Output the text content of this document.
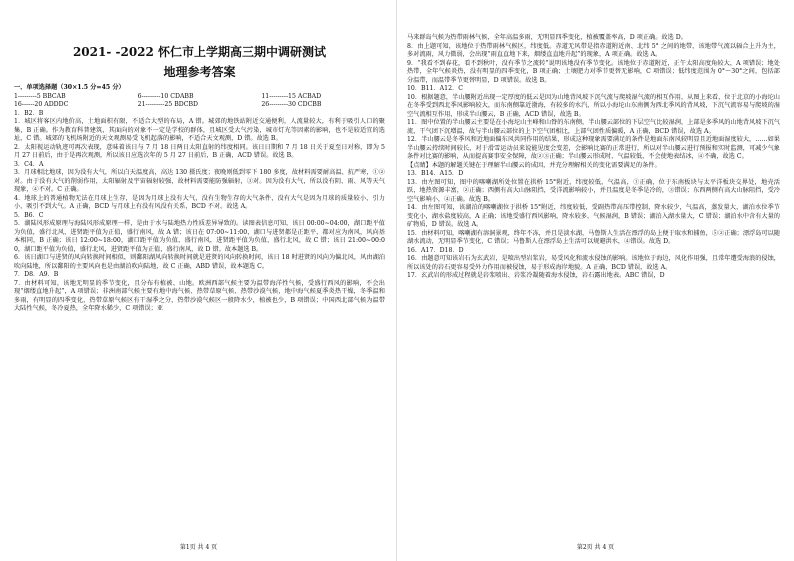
2021- -2022 怀仁市上学期高三期中调研测试
地理参考答案
一、单项选择题（30×1.5 分=45 分）
1---------5 BBCAB	6---------10 CDABB	11---------15 ACBAD
16------20 ADDDC	21---------25 BDCBD	26---------30 CDCBB

1．B2．B

1．城区将客区内地价高，土地面积有限，不适合大型的布局，A 错。城郊的地铁站附近交通便利，人流量较大，有利于吸引人口的聚集，B 正确。作为教育科普建筑，其面向的对象不一定是学校的群体，且城区受大气污染，城市灯光等因素的影响，也不是较适宜的选址，C 错。城郊的飞机场附近的天文观测易受飞机起落的影响，不适合天文观测，D 错。故选 B。

2．太阳视运动轨迹可再次表现，意味着该日与 7 月 18 日两日太阳直射的纬度相同。该日日期和 7 月 18 日关于夏至日对称，即为 5 月 27 日前后，由于是再次观测，所以该日应选次年的 5 月 27 日前后，B 正确，ACD 错误。故选 B。

3．C4．A

3．月球相比地球，因为没有大气，所以白天温度高，高达 130 摄氏度；夜晚则低到零下 180 多度，故材料需要耐高温、抗严寒，①②对。由于没有大气的削弱作用，太阳辐射及宇宙辐射较强，故材料需要能防强辐射，③对。因为没有大气，所以没有阴、雨、风等天气现象，④不对。C 正确。

4．地球上的普通植物无法在月球上生存，是因为月球上没有大气，没有生物生存的大气条件，没有大气是因为月球的质量较小，引力小，吸引不到大气。A 正确，BCD 与月球上有没有风没有关系，BCD 不对。故选 A。

5．B6．C

5．湖陆风形成原理与海陆风形成原理一样，是由于水与陆地热力性质差异导致的。读图表信息可知，该日 00:00~04:00，湖口距平值为负值，盛行北风，进贤距平值为正值，盛行南风，故 A 错；该日在 07:00~11:00，湖口与进贤都是正距平，都对应为南风，风向基本相同，B 正确；该日 12:00~18:00，湖口距平值为负值，盛行南风，进贤距平值为负值，盛行北风，故 C 错；该日 21:00~00:00，湖口距平值为负值，盛行北风，进贤距平值为正值，盛行南风，故 D 错。故本题选 B。

6．该日湖口与进贤的风向转换时间相似，则鄱阳湖风向转换时间就是进贤的风向转换时间，该日 18 时进贤的风向为偏北风，风由湖泊吹向陆地，所以鄱阳的主要风向也是由湖泊吹向陆地，故 C 正确，ABD 错误，故本题选 C。

7．D8．A9．B

7．由材料可知，该地无明显的季节变化，且分布有植被、山地。欧洲西部气候主要为温带海洋性气候，受盛行西风的影响，不会出现“烟缕直地升起”，A 项错误；非洲南部气候主要有地中海气候、热带草原气候、热带沙漠气候，地中海气候夏季炎热干燥，冬季温和多雨，有明显的四季变化，热带草原气候区有干湿季之分，热带沙漠气候区一般降水少，植被也少，B 项错误；中国西北部气候为温带大陆性气候，冬冷夏热，全年降水稀少，C 项错误；亚

第1页 共 4 页

马来群岛气候为热带雨林气候，全年高温多雨，无明显四季变化，植被覆盖率高，D 项正确。故选 D。

8．由上题可知，该地位于热带雨林气候区，纬度低。赤道无风带是指赤道附近南、北纬 5° 之间的地带，该地带气流以辐合上升为主，多对流雨，风力微弱，会出现“雨直直地下来，烟缕直直地升起”的现象，A 项正确。故选 A。

9．“我看不到春花，看不到秋叶，没有季节之流转”说明该地没有季节变化。该地位于赤道附近，正午太阳高度角较大，A 项错误；地处热带，全年气候炎热，没有明显的四季变化，B 项正确；土壤肥力对季节更替无影响，C 项错误；低纬度范围为 0°～30°之间，包括部分温带，而温带季节更替明显，D 项错误。故选 B。

10．B11．A12．C

10．根据题意，半山腰附近出现一定厚度的低云是因为山地背风坡下沉气流与爬坡湿气流的相互作用，从图上来看，位于北京的小海坨山在冬季受到西北季风影响较大，而东南侧靠近渤海，有较多的水汽，所以小海坨山东南侧为西北季风的背风坡，下沉气流容易与爬坡的湿空气流相互作用，形成半山腰云，B 正确，ACD 错误，故选 B。

11．图中位置的半山腰云主要是在小海坨山主峰和山脊的东南侧，半山腰云部位的下层空气比较湿润，上部是多季风的山地背风坡下沉气流，干气团下沉增温，故与半山腰云部位的上下空气团相比，上部气团性质偏暖，A 正确，BCD 错误，故选 A。

12．半山腰云是冬季风和近地面偏东风共同作用的结果，形成这种现象需要满足的条件是地面东南风较明显且近地面湿度较大，……如果半山腰云持续时间较长，对于滑雪运动员来说能见度会变差，会影响比赛的正常进行，所以对半山腰云进行预报和实时监测，可减少气象条件对比赛的影响，从而提高赛事安全保障，故②③正确；半山腰云形成时，气温较低，不会使地表结冰，④不确，故选 C。

【点睛】本题的解题关键在于理解半山腰云的成因，并充分理解相关的变化需要满足的条件。

13．B14．A15．D

13．由左图可知，图中的喀喇湖所处位置在拱桥 15°附近，纬度较低，气温高，①正确，位于东南板块与太平洋板块交界处，地壳活跃，地热资源丰富，②正确；西侧有高大山脉阻挡，受洋流影响较小，并且温度是冬季是冷的，③错误；东西两侧有高大山脉阻挡，受冷空气影响小，④正确。故选 B。

14．由左图可知，该湖泊的喀喇湖位于拱桥 15°附近，纬度较低，受副热带高压带控制，降水较少，气温高，蒸发量大，湖泊水位季节变化小，湖水盐度较高，A 正确；该地受盛行西风影响，降水较多，气候湿润，B 错误；湖泊入湖水量大，C 错误；湖泊水中含有大量的矿物质，D 错误。故选 A。

15．由材料可知，喀喇湖有溶洞景观，终年不冻，并且是淡水湖，马鲁斯人生活在漂浮的岛上便于取水和捕鱼，⑤②正确；漂浮岛可以随湖水流动，无明显季节变化，C 错误；马鲁斯人在漂浮岛上生活可以规避洪水，④错误。故选 D。

16．A17．D18．D

16．由题意可知该岩石为玄武岩，是喷出型岩浆岩，易受风化和流水侵蚀的影响。该地位于海边，风化作用强，且常年遭受海浪的侵蚀，所以该处的岩石更容易受外力作用而被侵蚀，易于形成海岸地貌。A 正确，BCD 错误，故选 A。

17．玄武岩的形成过程就是岩浆喷出、岩浆冷凝随着海水侵蚀，岩石露出地表。ABC 错误，D

第2页 共 4 页
